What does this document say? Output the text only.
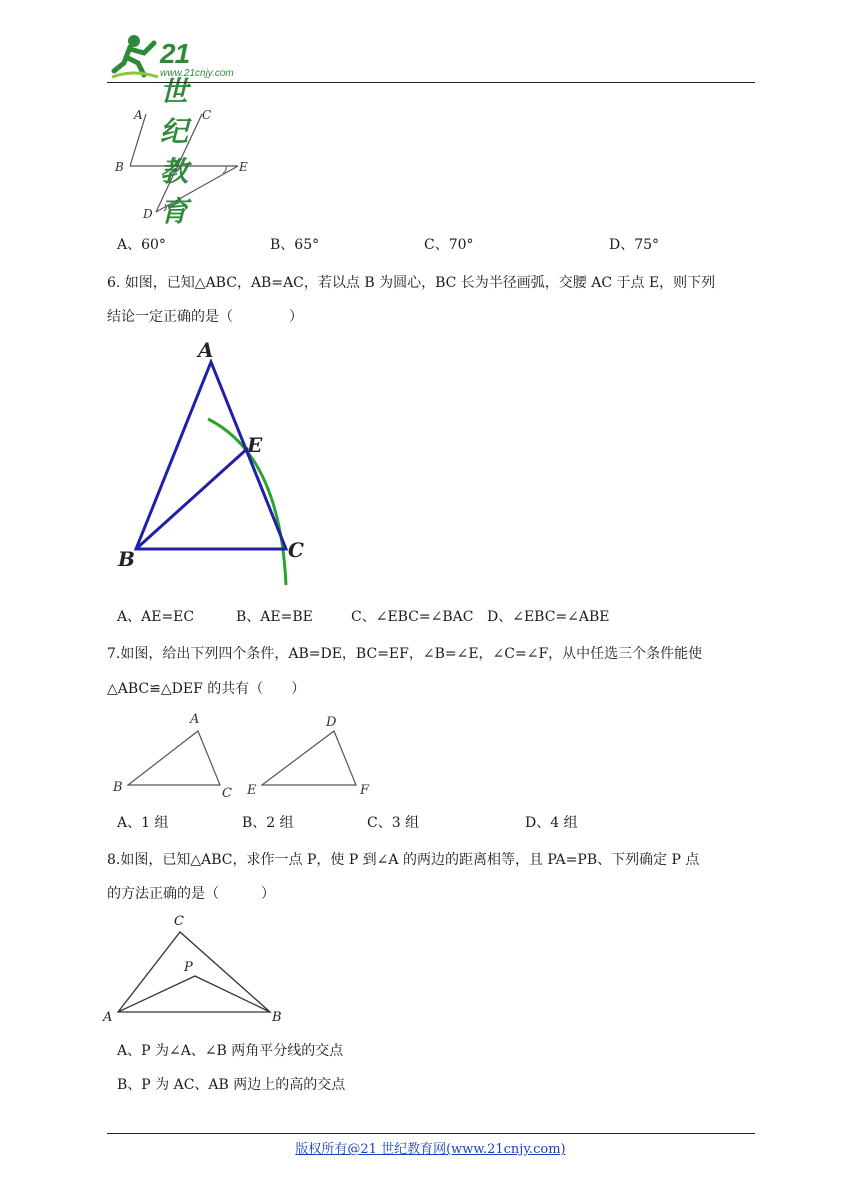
21世纪教育
www.21cnjy.com
A	C
B	E
D
A、60°	B、65°	C、70°	D、75°
6. 如图，已知△ABC，AB=AC，若以点 B 为圆心，BC 长为半径画弧，交腰 AC 于点 E，则下列
结论一定正确的是（　　　　）
A
E
B	C
A、AE=EC	B、AE=BE	C、∠EBC=∠BAC D、∠EBC=∠ABE
7.如图，给出下列四个条件，AB=DE，BC=EF，∠B=∠E，∠C=∠F，从中任选三个条件能使
△ABC≌△DEF 的共有（　　）
A
B	C
D
E	F
A、1 组	B、2 组	C、3 组	D、4 组
8.如图，已知△ABC，求作一点 P，使 P 到∠A 的两边的距离相等，且 PA=PB、下列确定 P 点
的方法正确的是（　　　）
C
P
A	B
A、P 为∠A、∠B 两角平分线的交点
B、P 为 AC、AB 两边上的高的交点
版权所有@21 世纪教育网(www.21cnjy.com)
